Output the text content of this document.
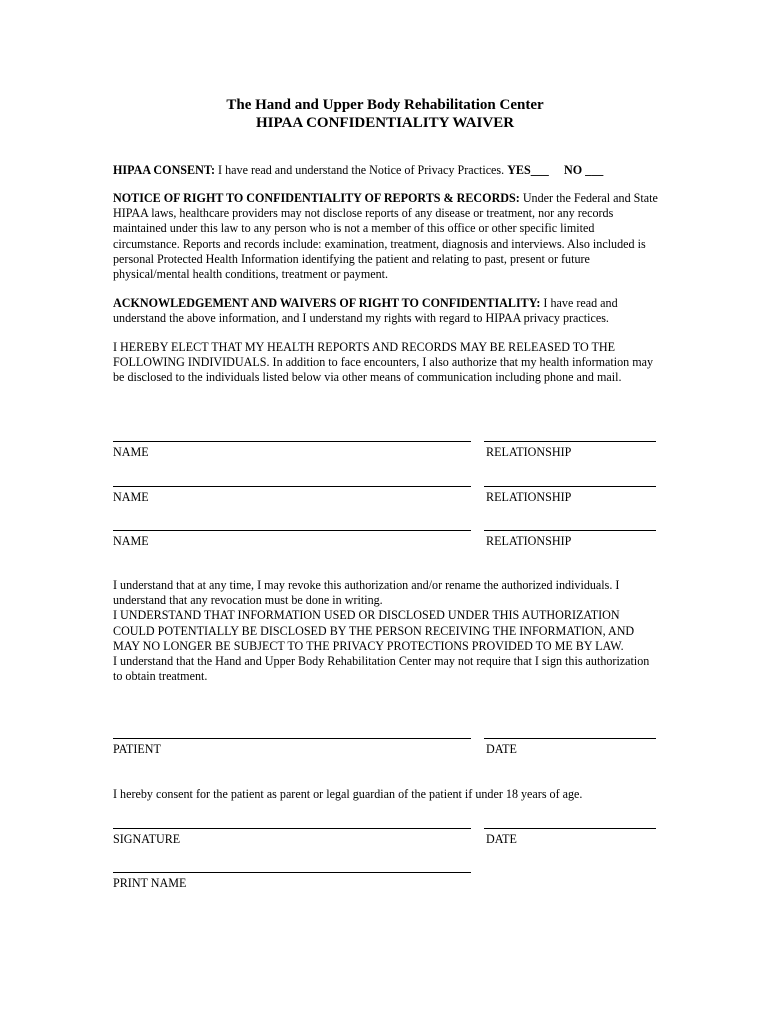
The Hand and Upper Body Rehabilitation Center
HIPAA CONFIDENTIALITY WAIVER

HIPAA CONSENT: I have read and understand the Notice of Privacy Practices. YES___ NO ___

NOTICE OF RIGHT TO CONFIDENTIALITY OF REPORTS & RECORDS: Under the Federal and State HIPAA laws, healthcare providers may not disclose reports of any disease or treatment, nor any records maintained under this law to any person who is not a member of this office or other specific limited circumstance. Reports and records include: examination, treatment, diagnosis and interviews. Also included is personal Protected Health Information identifying the patient and relating to past, present or future physical/mental health conditions, treatment or payment.

ACKNOWLEDGEMENT AND WAIVERS OF RIGHT TO CONFIDENTIALITY: I have read and understand the above information, and I understand my rights with regard to HIPAA privacy practices.

I HEREBY ELECT THAT MY HEALTH REPORTS AND RECORDS MAY BE RELEASED TO THE FOLLOWING INDIVIDUALS. In addition to face encounters, I also authorize that my health information may be disclosed to the individuals listed below via other means of communication including phone and mail.

NAME	RELATIONSHIP
NAME	RELATIONSHIP
NAME	RELATIONSHIP
I understand that at any time, I may revoke this authorization and/or rename the authorized individuals. I understand that any revocation must be done in writing.
I UNDERSTAND THAT INFORMATION USED OR DISCLOSED UNDER THIS AUTHORIZATION COULD POTENTIALLY BE DISCLOSED BY THE PERSON RECEIVING THE INFORMATION, AND MAY NO LONGER BE SUBJECT TO THE PRIVACY PROTECTIONS PROVIDED TO ME BY LAW.
I understand that the Hand and Upper Body Rehabilitation Center may not require that I sign this authorization to obtain treatment.
PATIENT	DATE

I hereby consent for the patient as parent or legal guardian of the patient if under 18 years of age.

SIGNATURE	DATE
PRINT NAME
